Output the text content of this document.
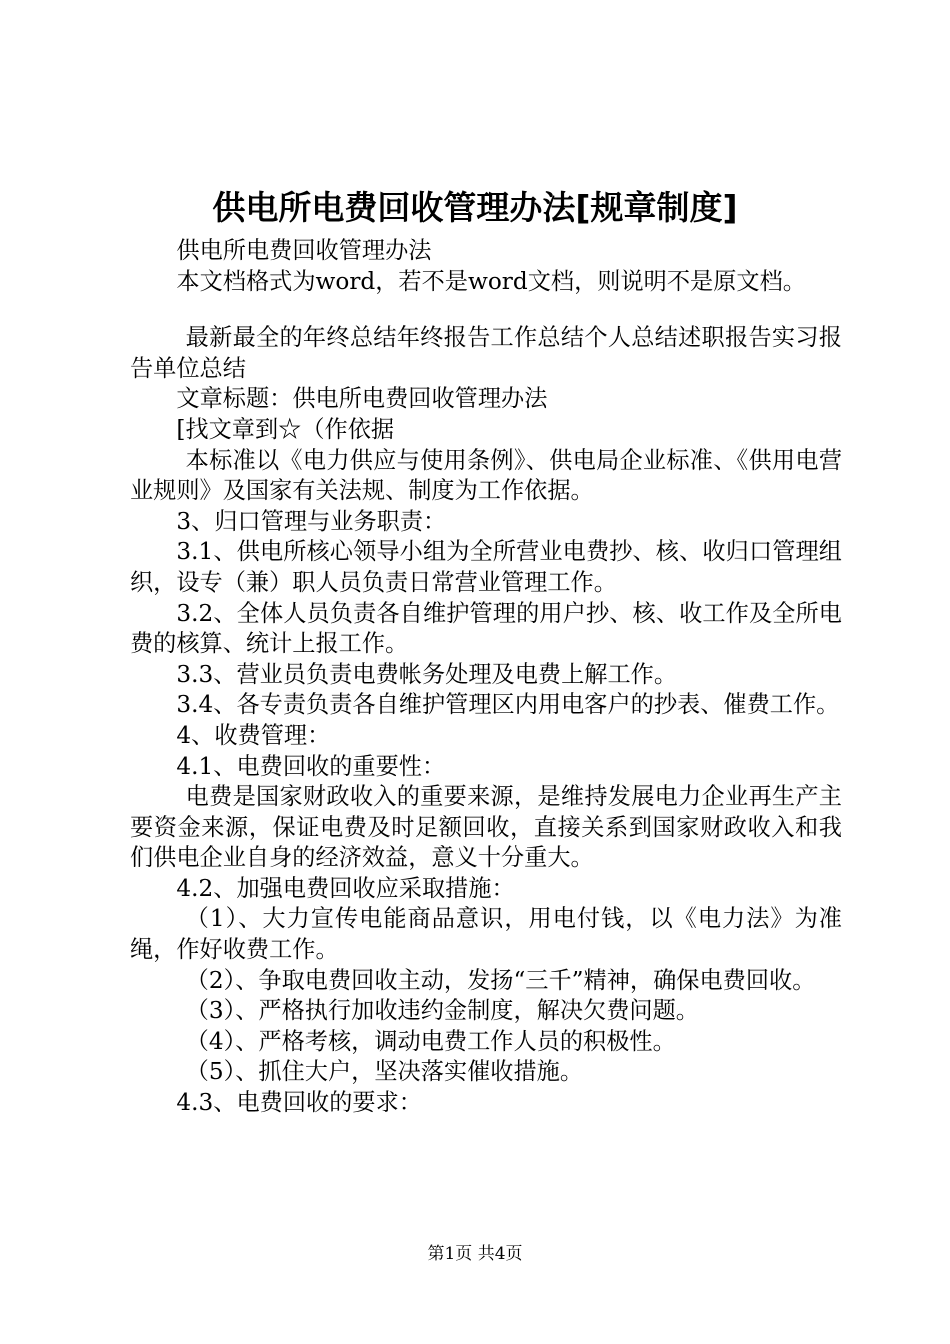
供电所电费回收管理办法[规章制度]

供电所电费回收管理办法

本文档格式为word，若不是word文档，则说明不是原文档。

最新最全的年终总结年终报告工作总结个人总结述职报告实习报告单位总结

文章标题：供电所电费回收管理办法

[找文章到☆（作依据

本标准以《电力供应与使用条例》、供电局企业标准、《供用电营业规则》及国家有关法规、制度为工作依据。

3、归口管理与业务职责：

3.1、供电所核心领导小组为全所营业电费抄、核、收归口管理组织，设专（兼）职人员负责日常营业管理工作。

3.2、全体人员负责各自维护管理的用户抄、核、收工作及全所电费的核算、统计上报工作。

3.3、营业员负责电费帐务处理及电费上解工作。

3.4、各专责负责各自维护管理区内用电客户的抄表、催费工作。

4、收费管理：

4.1、电费回收的重要性：

电费是国家财政收入的重要来源，是维持发展电力企业再生产主要资金来源，保证电费及时足额回收，直接关系到国家财政收入和我们供电企业自身的经济效益，意义十分重大。

4.2、加强电费回收应采取措施：

（1）、大力宣传电能商品意识，用电付钱，以《电力法》为准绳，作好收费工作。

（2）、争取电费回收主动，发扬“三千”精神，确保电费回收。

（3）、严格执行加收违约金制度，解决欠费问题。

（4）、严格考核，调动电费工作人员的积极性。

（5）、抓住大户，坚决落实催收措施。

4.3、电费回收的要求：

第1页 共4页
